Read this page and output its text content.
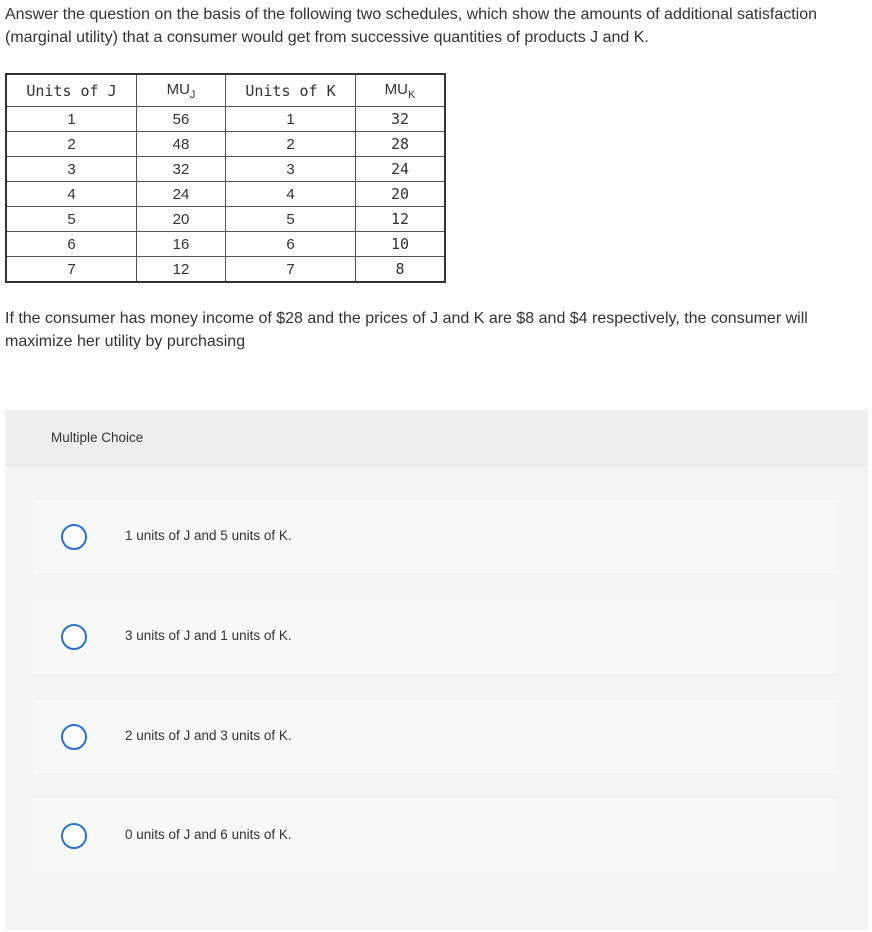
Answer the question on the basis of the following two schedules, which show the amounts of additional satisfaction (marginal utility) that a consumer would get from successive quantities of products J and K.
Units of J	$MU_J$	Units of K	$MU_K$
1	56	1	32
2	48	2	28
3	32	3	24
4	24	4	20
5	20	5	12
6	16	6	10
7	12	7	8
If the consumer has money income of $28 and the prices of J and K are $8 and $4 respectively, the consumer will maximize her utility by purchasing
Multiple Choice
1 units of J and 5 units of K.
3 units of J and 1 units of K.
2 units of J and 3 units of K.
0 units of J and 6 units of K.
